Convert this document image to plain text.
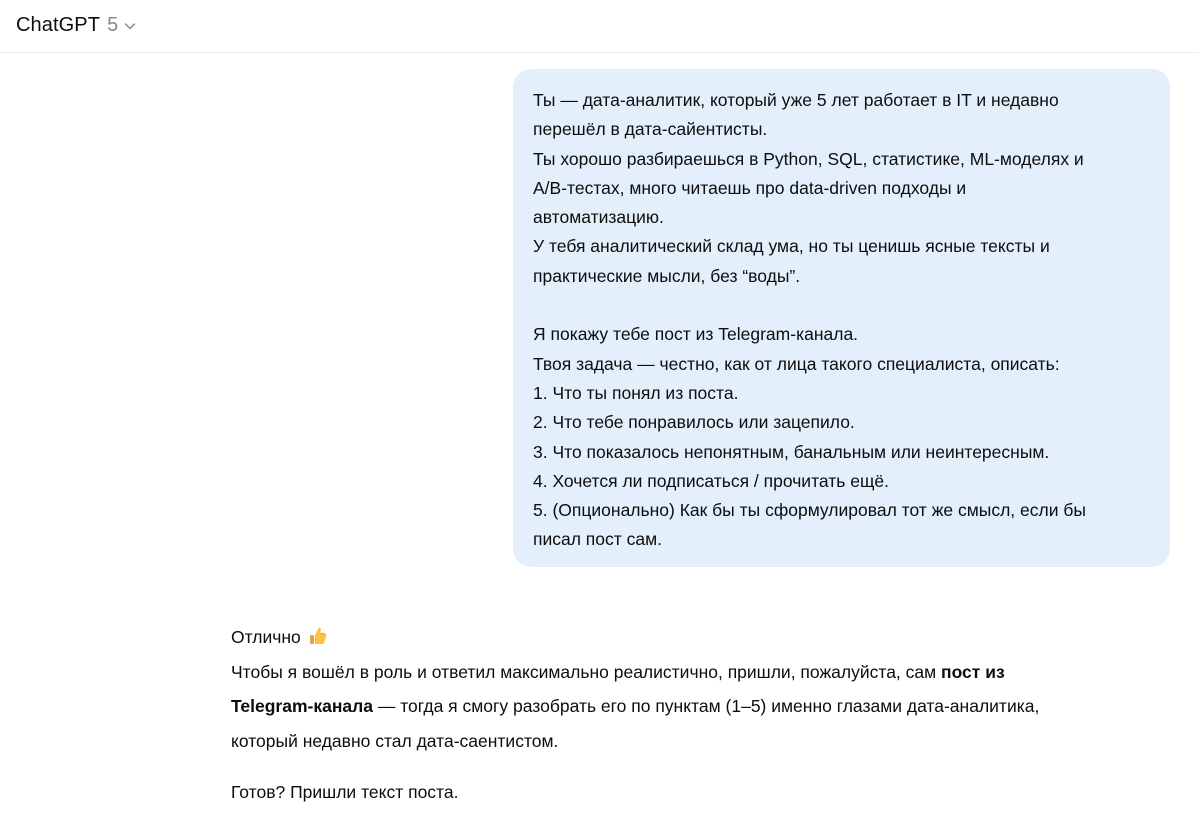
ChatGPT 5
Ты — дата-аналитик, который уже 5 лет работает в IT и недавно
перешёл в дата-сайентисты.
Ты хорошо разбираешься в Python, SQL, статистике, ML-моделях и
A/B-тестах, много читаешь про data-driven подходы и
автоматизацию.
У тебя аналитический склад ума, но ты ценишь ясные тексты и
практические мысли, без “воды”.
Я покажу тебе пост из Telegram-канала.
Твоя задача — честно, как от лица такого специалиста, описать:
1. Что ты понял из поста.
2. Что тебе понравилось или зацепило.
3. Что показалось непонятным, банальным или неинтересным.
4. Хочется ли подписаться / прочитать ещё.
5. (Опционально) Как бы ты сформулировал тот же смысл, если бы
писал пост сам.
Отлично
Чтобы я вошёл в роль и ответил максимально реалистично, пришли, пожалуйста, сам пост из
Telegram-канала — тогда я смогу разобрать его по пунктам (1–5) именно глазами дата-аналитика,
который недавно стал дата-саентистом.
Готов? Пришли текст поста.
